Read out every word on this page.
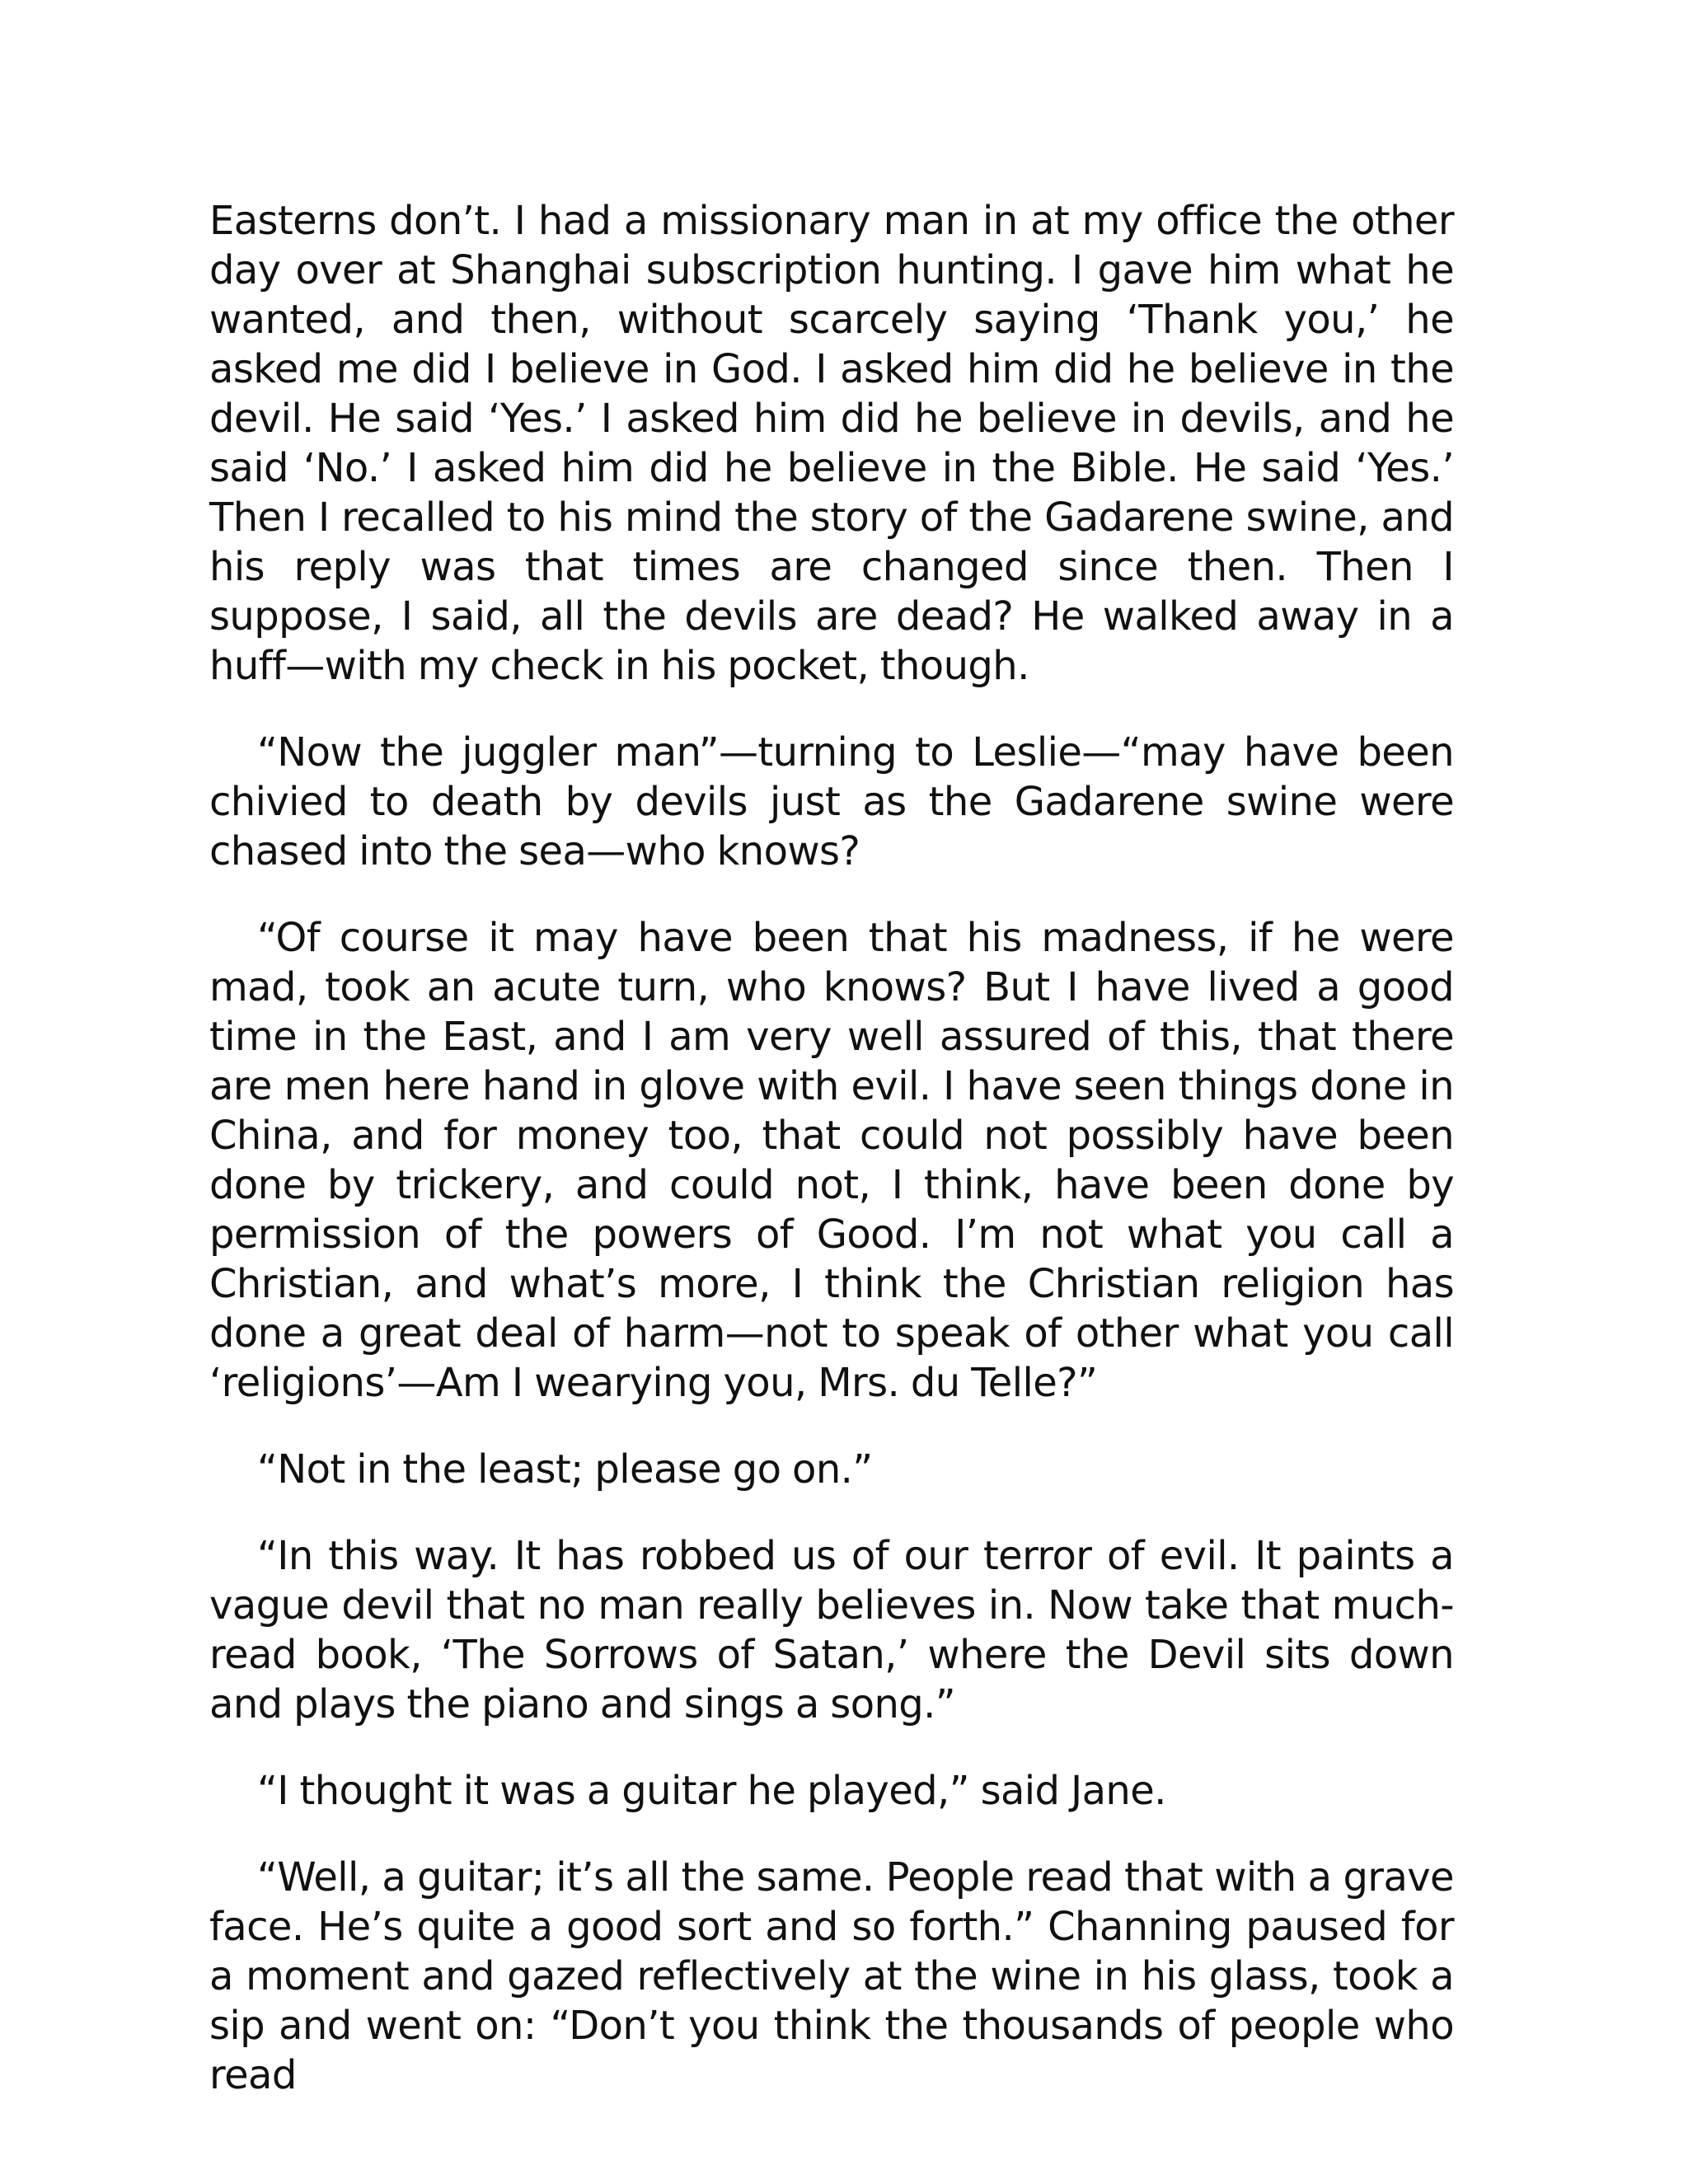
Easterns don’t. I had a missionary man in at my office the other day over at Shanghai subscription hunting. I gave him what he wanted, and then, without scarcely saying ‘Thank you,’ he asked me did I believe in God. I asked him did he believe in the devil. He said ‘Yes.’ I asked him did he believe in devils, and he said ‘No.’ I asked him did he believe in the Bible. He said ‘Yes.’ Then I recalled to his mind the story of the Gadarene swine, and his reply was that times are changed since then. Then I suppose, I said, all the devils are dead? He walked away in a huff—with my check in his pocket, though.

“Now the juggler man”—turning to Leslie—“may have been chivied to death by devils just as the Gadarene swine were chased into the sea—who knows?

“Of course it may have been that his madness, if he were mad, took an acute turn, who knows? But I have lived a good time in the East, and I am very well assured of this, that there are men here hand in glove with evil. I have seen things done in China, and for money too, that could not possibly have been done by trickery, and could not, I think, have been done by permission of the powers of Good. I’m not what you call a Christian, and what’s more, I think the Christian religion has done a great deal of harm—not to speak of other what you call ‘religions’—Am I wearying you, Mrs. du Telle?”

“Not in the least; please go on.”

“In this way. It has robbed us of our terror of evil. It paints a vague devil that no man really believes in. Now take that much-read book, ‘The Sorrows of Satan,’ where the Devil sits down and plays the piano and sings a song.”

“I thought it was a guitar he played,” said Jane.

“Well, a guitar; it’s all the same. People read that with a grave face. He’s quite a good sort and so forth.” Channing paused for a moment and gazed reflectively at the wine in his glass, took a sip and went on: “Don’t you think the thousands of people who read
